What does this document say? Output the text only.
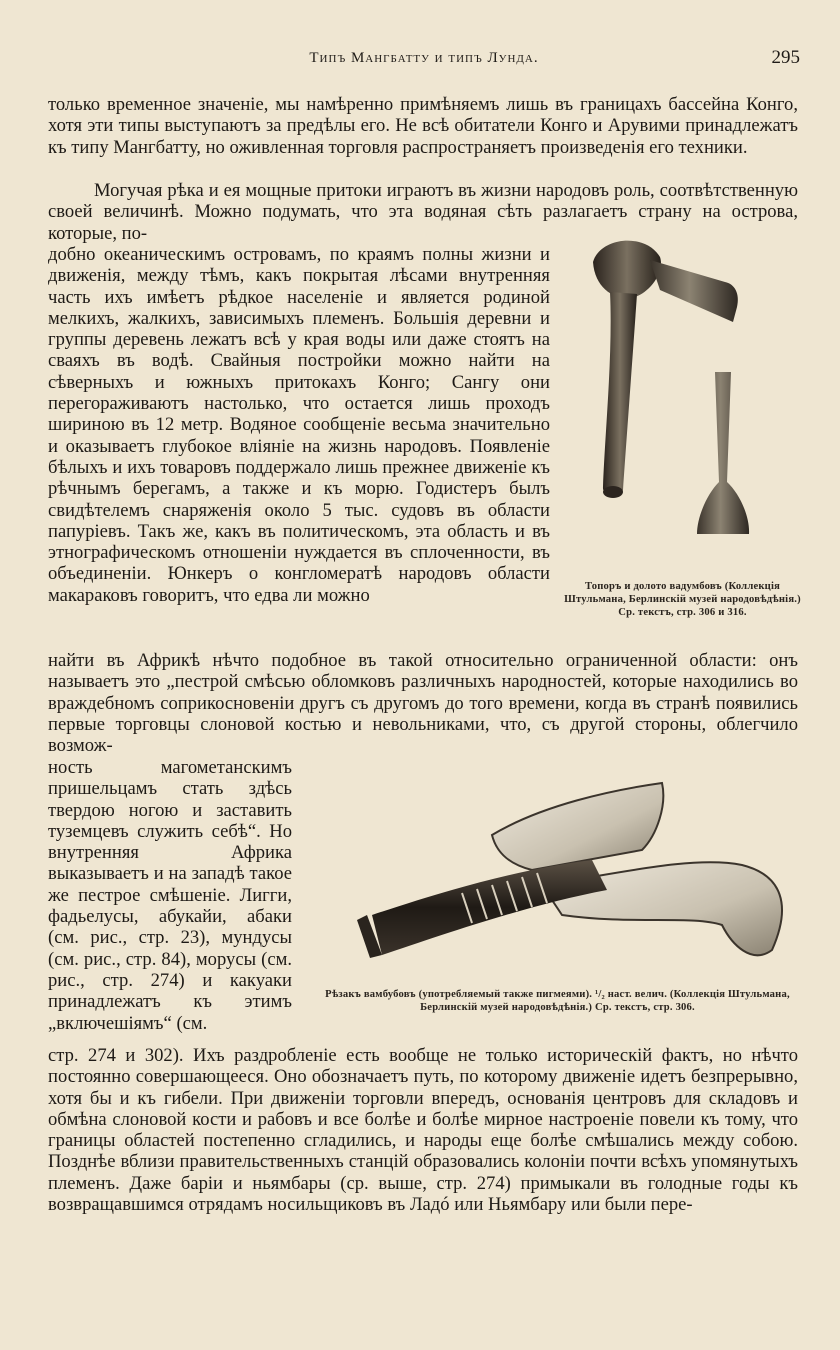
Типъ Мангбатту и типъ Лунда.	295

только временное значенiе, мы намѣренно примѣняемъ лишь въ границахъ бассейна Конго, хотя эти типы выступаютъ за предѣлы его. Не всѣ обитатели Конго и Арувими принадлежатъ къ типу Мангбатту, но оживленная торговля распространяетъ произведенiя его техники.

Могучая рѣка и ея мощные притоки играютъ въ жизни народовъ роль, соотвѣтственную своей величинѣ. Можно подумать, что эта водяная сѣть разлагаетъ страну на острова, которые, по-

добно океаническимъ островамъ, по краямъ полны жизни и движенiя, между тѣмъ, какъ покрытая лѣсами внутренняя часть ихъ имѣетъ рѣдкое населенiе и является родиной мелкихъ, жалкихъ, зависимыхъ племенъ. Большiя деревни и группы деревень лежатъ всѣ у края воды или даже стоятъ на сваяхъ въ водѣ. Свайныя постройки можно найти на сѣверныхъ и южныхъ притокахъ Конго; Сангу они перегораживаютъ настолько, что остается лишь проходъ шириною въ 12 метр. Водяное сообщенiе весьма значительно и оказываетъ глубокое влiянiе на жизнь народовъ. Появленiе бѣлыхъ и ихъ товаровъ поддержало лишь прежнее движенiе къ рѣчнымъ берегамъ, а также и къ морю. Годистеръ былъ свидѣтелемъ снаряженiя около 5 тыс. судовъ въ области папурiевъ. Такъ же, какъ въ политическомъ, эта область и въ этнографическомъ отношенiи нуждается въ сплоченности, въ объединенiи. Юнкеръ о конгломератѣ народовъ области макараковъ говоритъ, что едва ли можно

найти въ Африкѣ нѣчто подобное въ такой относительно ограниченной области: онъ называетъ это „пестрой смѣсью обломковъ различныхъ народностей, которые находились во враждебномъ соприкосновенiи другъ съ другомъ до того времени, когда въ странѣ появились первые торговцы слоновой костью и невольниками, что, съ другой стороны, облегчило возмож-

ность магометанскимъ пришельцамъ стать здѣсь твердою ногою и заставить туземцевъ служить себѣ“. Но внутренняя Африка выказываетъ и на западѣ такое же пестрое смѣшенiе. Лигги, фадьелусы, абукайи, абаки (см. рис., стр. 23), мундусы (см. рис., стр. 84), морусы (см. рис., стр. 274) и какуаки принадлежатъ къ этимъ „включешiямъ“ (см.

стр. 274 и 302). Ихъ раздробленiе есть вообще не только историческiй фактъ, но нѣчто постоянно совершающееся. Оно обозначаетъ путь, по которому движенiе идетъ безпрерывно, хотя бы и къ гибели. При движенiи торговли впередъ, основанiя центровъ для складовъ и обмѣна слоновой кости и рабовъ и все болѣе и болѣе мирное настроенiе повели къ тому, что границы областей постепенно сгладились, и народы еще болѣе смѣшались между собою. Позднѣе вблизи правительственныхъ станцiй образовались колонiи почти всѣхъ упомянутыхъ племенъ. Даже барiи и ньямбары (ср. выше, стр. 274) примыкали въ голодные годы къ возвращавшимся отрядамъ носильщиковъ въ Ладó или Ньямбару или были пере-

Топоръ и долото вадумбовъ (Коллекцiя Штульмана, Берлинскiй музей народовѣдѣнiя.) Ср. текстъ, стр. 306 и 316.
Рѣзакъ вамбубовъ (употребляемый также пигмеями). ¹/₂ наст. велич. (Коллекцiя Штульмана, Берлинскiй музей народовѣдѣнiя.) Ср. текстъ, стр. 306.
